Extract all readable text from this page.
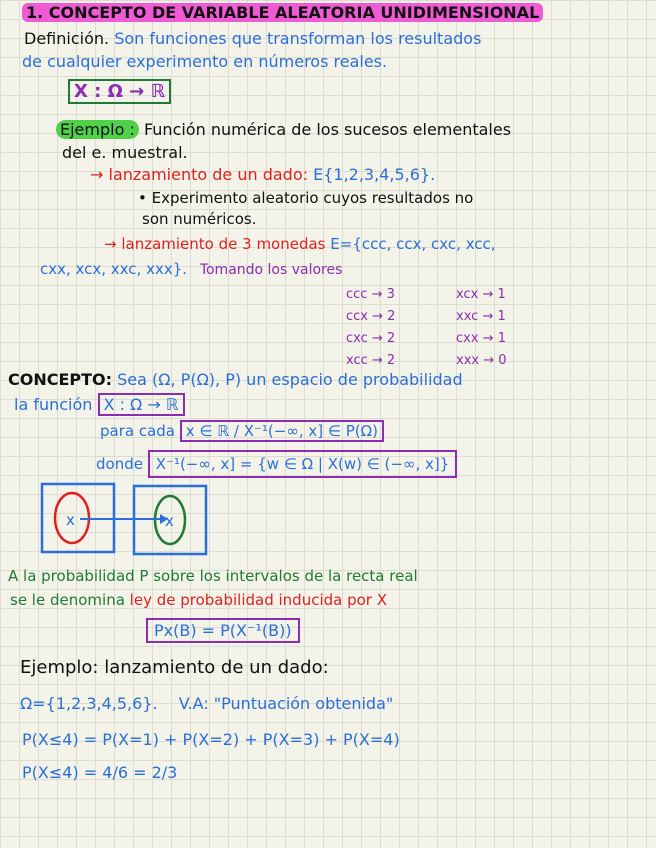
1. CONCEPTO DE VARIABLE ALEATORIA UNIDIMENSIONAL
Definición. Son funciones que transforman los resultados
de cualquier experimento en números reales.
X : Ω → ℝ
Ejemplo : Función numérica de los sucesos elementales
del e. muestral.
→ lanzamiento de un dado: E{1,2,3,4,5,6}.
• Experimento aleatorio cuyos resultados no
son numéricos.
→ lanzamiento de 3 monedas E={ccc, ccx, cxc, xcc,
cxx, xcx, xxc, xxx}. Tomando los valores
ccc → 3
ccx → 2
cxc → 2
xcc → 2
xcx → 1
xxc → 1
cxx → 1
xxx → 0
CONCEPTO: Sea (Ω, P(Ω), P) un espacio de probabilidad
la función X : Ω → ℝ
para cada x ∈ ℝ / X⁻¹(−∞, x] ∈ P(Ω)
donde X⁻¹(−∞, x] = {w ∈ Ω | X(w) ∈ (−∞, x]}
x	x
A la probabilidad P sobre los intervalos de la recta real
se le denomina ley de probabilidad inducida por X
Px(B) = P(X⁻¹(B))
Ejemplo: lanzamiento de un dado:
Ω={1,2,3,4,5,6}. V.A: "Puntuación obtenida"
P(X≤4) = P(X=1) + P(X=2) + P(X=3) + P(X=4)
P(X≤4) = 4/6 = 2/3
